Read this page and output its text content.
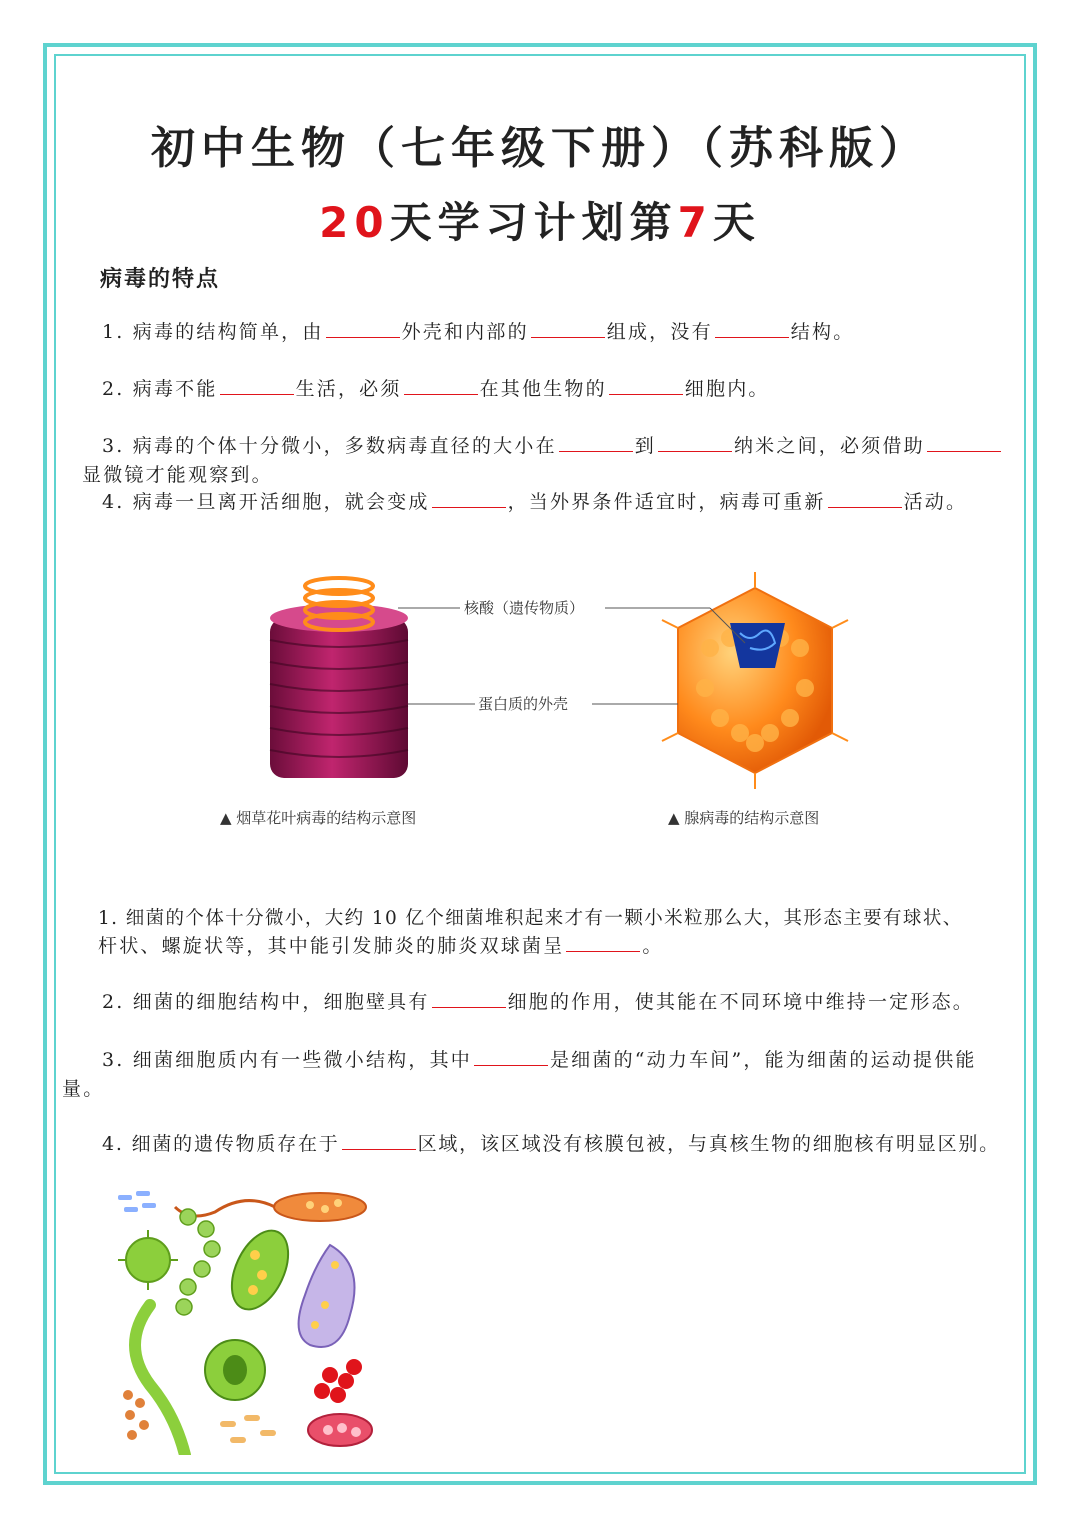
初中生物（七年级下册）（苏科版）
20天学习计划第7天
病毒的特点
1. 病毒的结构简单，由	外壳和内部的	组成，没有	结构。
2. 病毒不能	生活，必须	在其他生物的	细胞内。
3. 病毒的个体十分微小，多数病毒直径的大小在	到	纳米之间，必须借助
显微镜才能观察到。
4. 病毒一旦离开活细胞，就会变成	，当外界条件适宜时，病毒可重新	活动。
核酸（遗传物质）
蛋白质的外壳
▲ 烟草花叶病毒的结构示意图	▲ 腺病毒的结构示意图
1. 细菌的个体十分微小，大约 10 亿个细菌堆积起来才有一颗小米粒那么大，其形态主要有球状、
杆状、螺旋状等，其中能引发肺炎的肺炎双球菌呈	。
2. 细菌的细胞结构中，细胞壁具有	细胞的作用，使其能在不同环境中维持一定形态。
3. 细菌细胞质内有一些微小结构，其中	是细菌的“动力车间”，能为细菌的运动提供能
量。
4. 细菌的遗传物质存在于	区域，该区域没有核膜包被，与真核生物的细胞核有明显区别。
